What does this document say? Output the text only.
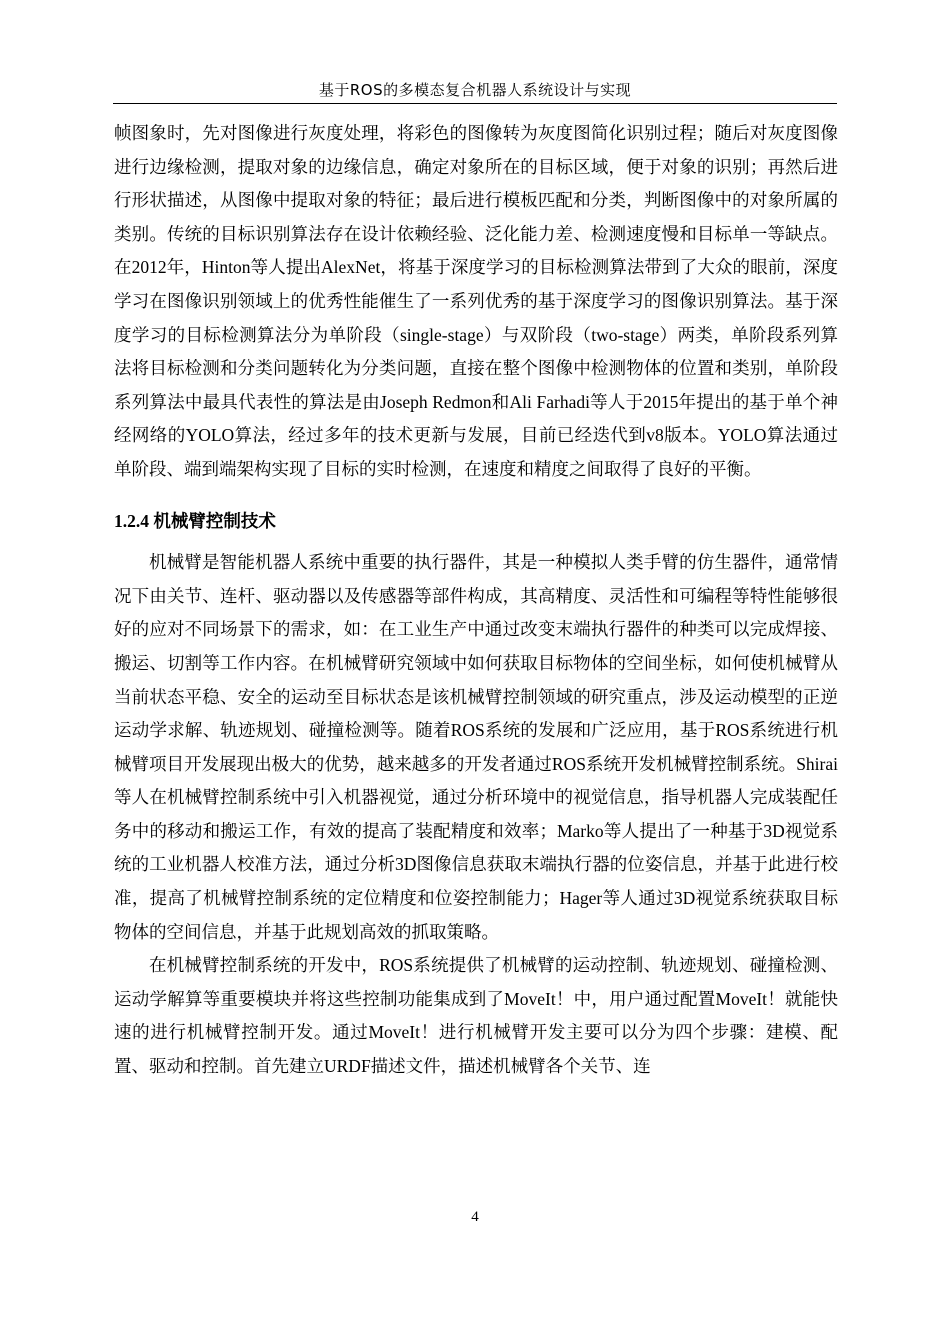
基于ROS的多模态复合机器人系统设计与实现

帧图象时，先对图像进行灰度处理，将彩色的图像转为灰度图简化识别过程；随后对灰度图像进行边缘检测，提取对象的边缘信息，确定对象所在的目标区域，便于对象的识别；再然后进行形状描述，从图像中提取对象的特征；最后进行模板匹配和分类，判断图像中的对象所属的类别。传统的目标识别算法存在设计依赖经验、泛化能力差、检测速度慢和目标单一等缺点。在2012年，Hinton等人提出AlexNet，将基于深度学习的目标检测算法带到了大众的眼前，深度学习在图像识别领域上的优秀性能催生了一系列优秀的基于深度学习的图像识别算法。基于深度学习的目标检测算法分为单阶段（single-stage）与双阶段（two-stage）两类，单阶段系列算法将目标检测和分类问题转化为分类问题，直接在整个图像中检测物体的位置和类别，单阶段系列算法中最具代表性的算法是由Joseph Redmon和Ali Farhadi等人于2015年提出的基于单个神经网络的YOLO算法，经过多年的技术更新与发展，目前已经迭代到v8版本。YOLO算法通过单阶段、端到端架构实现了目标的实时检测，在速度和精度之间取得了良好的平衡。

1.2.4 机械臂控制技术

机械臂是智能机器人系统中重要的执行器件，其是一种模拟人类手臂的仿生器件，通常情况下由关节、连杆、驱动器以及传感器等部件构成，其高精度、灵活性和可编程等特性能够很好的应对不同场景下的需求，如：在工业生产中通过改变末端执行器件的种类可以完成焊接、搬运、切割等工作内容。在机械臂研究领域中如何获取目标物体的空间坐标，如何使机械臂从当前状态平稳、安全的运动至目标状态是该机械臂控制领域的研究重点，涉及运动模型的正逆运动学求解、轨迹规划、碰撞检测等。随着ROS系统的发展和广泛应用，基于ROS系统进行机械臂项目开发展现出极大的优势，越来越多的开发者通过ROS系统开发机械臂控制系统。Shirai等人在机械臂控制系统中引入机器视觉，通过分析环境中的视觉信息，指导机器人完成装配任务中的移动和搬运工作，有效的提高了装配精度和效率；Marko等人提出了一种基于3D视觉系统的工业机器人校准方法，通过分析3D图像信息获取末端执行器的位姿信息，并基于此进行校准，提高了机械臂控制系统的定位精度和位姿控制能力；Hager等人通过3D视觉系统获取目标物体的空间信息，并基于此规划高效的抓取策略。

在机械臂控制系统的开发中，ROS系统提供了机械臂的运动控制、轨迹规划、碰撞检测、运动学解算等重要模块并将这些控制功能集成到了MoveIt！中，用户通过配置MoveIt！就能快速的进行机械臂控制开发。通过MoveIt！进行机械臂开发主要可以分为四个步骤：建模、配置、驱动和控制。首先建立URDF描述文件，描述机械臂各个关节、连

4
